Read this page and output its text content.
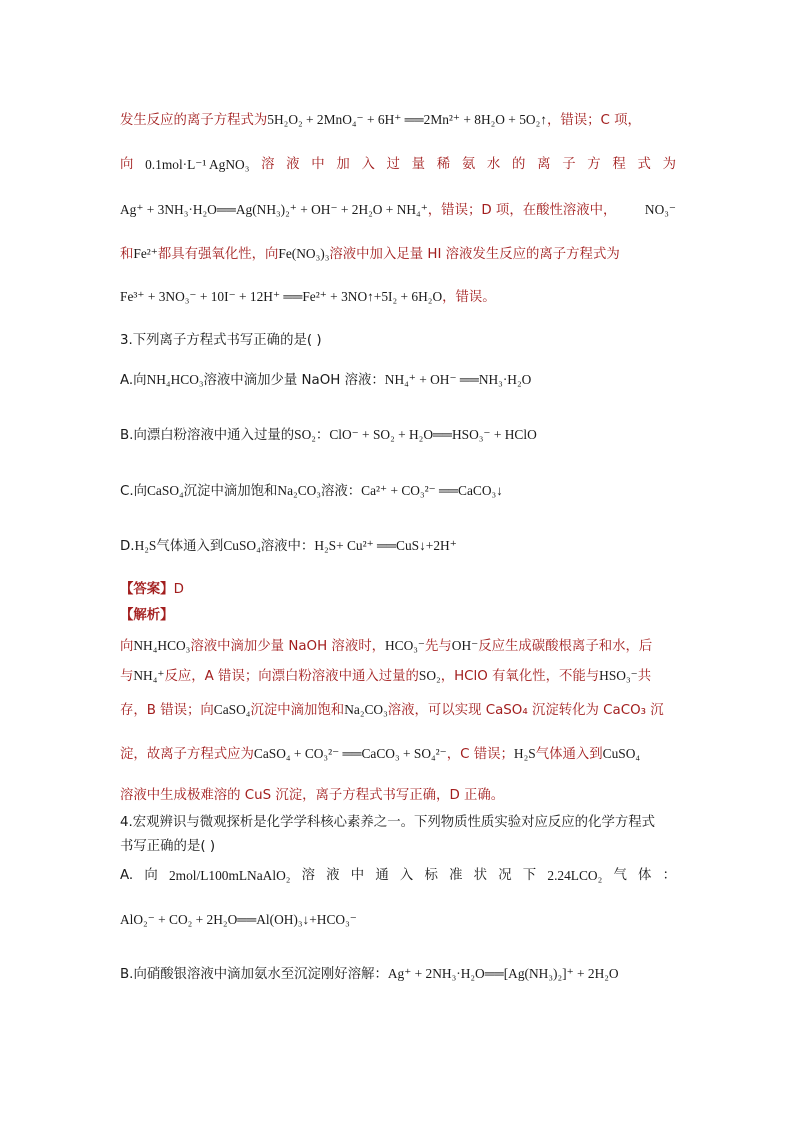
发生反应的离子方程式为5H₂O₂ + 2MnO₄⁻ + 6H⁺ ══2Mn²⁺ + 8H₂O + 5O₂↑，错误；C 项，
向 0.1mol·L⁻¹ AgNO₃ 溶 液 中 加 入 过 量 稀 氨 水 的 离 子 方 程 式 为
Ag⁺ + 3NH₃·H₂O══Ag(NH₃)₂⁺ + OH⁻ + 2H₂O + NH₄⁺，错误；D 项，在酸性溶液中， NO₃⁻
和Fe²⁺都具有强氧化性，向Fe(NO₃)₃溶液中加入足量 HI 溶液发生反应的离子方程式为
Fe³⁺ + 3NO₃⁻ + 10I⁻ + 12H⁺ ══Fe²⁺ + 3NO↑+5I₂ + 6H₂O，错误。
3.下列离子方程式书写正确的是( )
A.向NH₄HCO₃溶液中滴加少量 NaOH 溶液：NH₄⁺ + OH⁻ ══NH₃·H₂O
B.向漂白粉溶液中通入过量的SO₂：ClO⁻ + SO₂ + H₂O══HSO₃⁻ + HClO
C.向CaSO₄沉淀中滴加饱和Na₂CO₃溶液：Ca²⁺ + CO₃²⁻ ══CaCO₃↓
D.H₂S气体通入到CuSO₄溶液中：H₂S+ Cu²⁺ ══CuS↓+2H⁺
【答案】D
【解析】
向NH₄HCO₃溶液中滴加少量 NaOH 溶液时，HCO₃⁻先与OH⁻反应生成碳酸根离子和水，后
与NH₄⁺反应，A 错误；向漂白粉溶液中通入过量的SO₂，HClO 有氧化性，不能与HSO₃⁻共
存，B 错误；向CaSO₄沉淀中滴加饱和Na₂CO₃溶液，可以实现 CaSO₄ 沉淀转化为 CaCO₃ 沉
淀，故离子方程式应为CaSO₄ + CO₃²⁻ ══CaCO₃ + SO₄²⁻，C 错误；H₂S气体通入到CuSO₄
溶液中生成极难溶的 CuS 沉淀，离子方程式书写正确，D 正确。
4.宏观辨识与微观探析是化学学科核心素养之一。下列物质性质实验对应反应的化学方程式
书写正确的是( )
A. 向 2mol/L100mLNaAlO₂ 溶 液 中 通 入 标 准 状 况 下 2.24LCO₂ 气 体 ：
AlO₂⁻ + CO₂ + 2H₂O══Al(OH)₃↓+HCO₃⁻
B.向硝酸银溶液中滴加氨水至沉淀刚好溶解：Ag⁺ + 2NH₃·H₂O══[Ag(NH₃)₂]⁺ + 2H₂O
